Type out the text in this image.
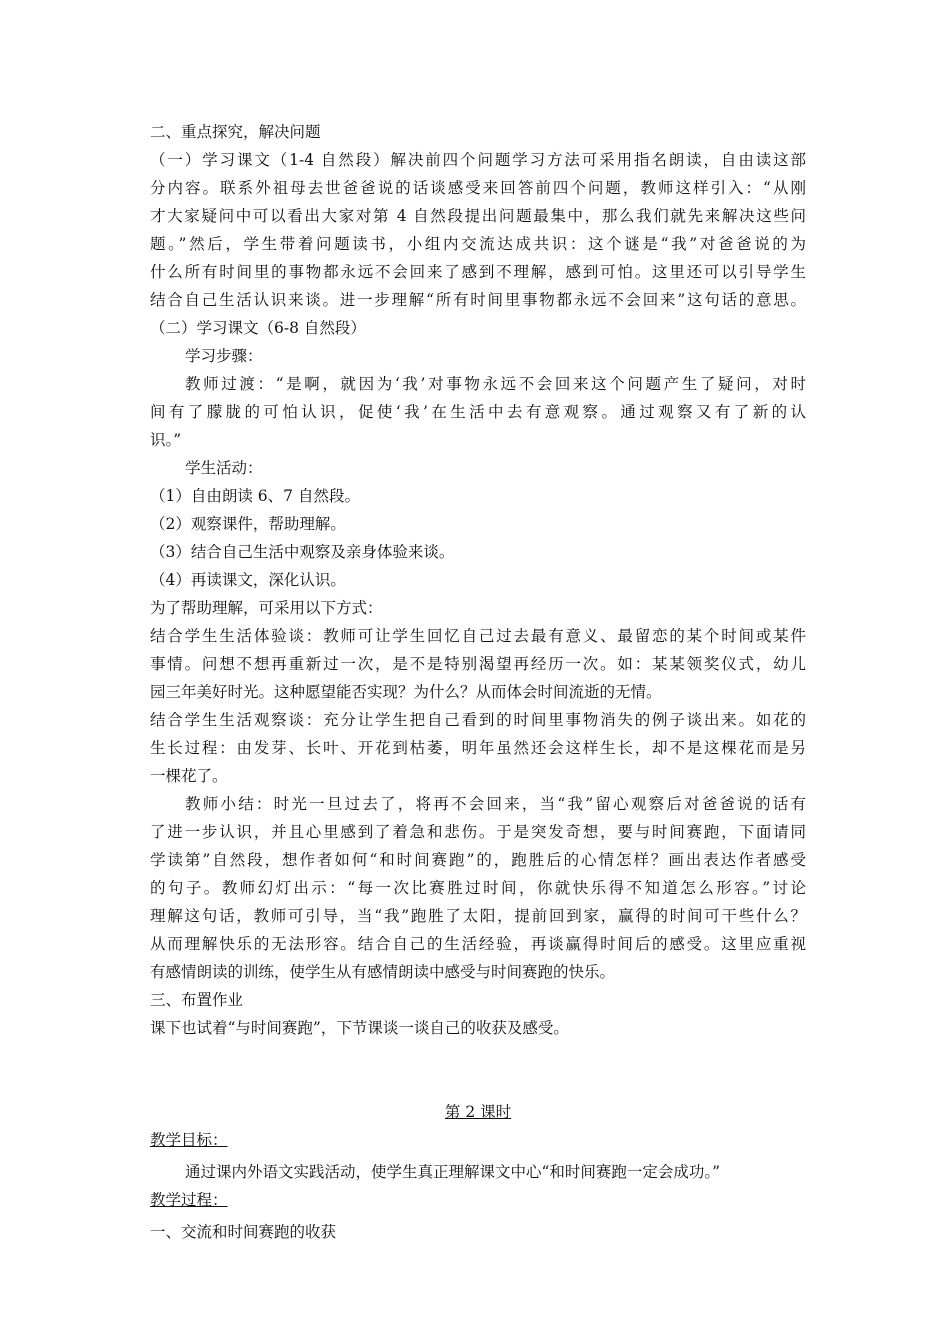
二、重点探究，解决问题
（一）学习课文（1-4 自然段）解决前四个问题学习方法可采用指名朗读，自由读这部
分内容。联系外祖母去世爸爸说的话谈感受来回答前四个问题，教师这样引入：“从刚
才大家疑问中可以看出大家对第 4 自然段提出问题最集中，那么我们就先来解决这些问
题。”然后，学生带着问题读书，小组内交流达成共识：这个谜是“我”对爸爸说的为
什么所有时间里的事物都永远不会回来了感到不理解，感到可怕。这里还可以引导学生
结合自己生活认识来谈。进一步理解“所有时间里事物都永远不会回来”这句话的意思。
（二）学习课文（6-8 自然段）
学习步骤：
教师过渡：“是啊，就因为‘我’对事物永远不会回来这个问题产生了疑问，对时
间有了朦胧的可怕认识，促使‘我’在生活中去有意观察。通过观察又有了新的认
识。”
学生活动：
（1）自由朗读 6、7 自然段。
（2）观察课件，帮助理解。
（3）结合自己生活中观察及亲身体验来谈。
（4）再读课文，深化认识。
为了帮助理解，可采用以下方式：
结合学生生活体验谈：教师可让学生回忆自己过去最有意义、最留恋的某个时间或某件
事情。问想不想再重新过一次，是不是特别渴望再经历一次。如：某某领奖仪式，幼儿
园三年美好时光。这种愿望能否实现？为什么？从而体会时间流逝的无情。
结合学生生活观察谈：充分让学生把自己看到的时间里事物消失的例子谈出来。如花的
生长过程：由发芽、长叶、开花到枯萎，明年虽然还会这样生长，却不是这棵花而是另
一棵花了。
教师小结：时光一旦过去了，将再不会回来，当“我”留心观察后对爸爸说的话有
了进一步认识，并且心里感到了着急和悲伤。于是突发奇想，要与时间赛跑，下面请同
学读第”自然段，想作者如何“和时间赛跑”的，跑胜后的心情怎样？画出表达作者感受
的句子。教师幻灯出示：“每一次比赛胜过时间，你就快乐得不知道怎么形容。”讨论
理解这句话，教师可引导，当“我”跑胜了太阳，提前回到家，赢得的时间可干些什么？
从而理解快乐的无法形容。结合自己的生活经验，再谈赢得时间后的感受。这里应重视
有感情朗读的训练，使学生从有感情朗读中感受与时间赛跑的快乐。
三、布置作业
课下也试着“与时间赛跑”，下节课谈一谈自己的收获及感受。
第 2 课时
教学目标：
通过课内外语文实践活动，使学生真正理解课文中心“和时间赛跑一定会成功。”
教学过程：
一、交流和时间赛跑的收获
